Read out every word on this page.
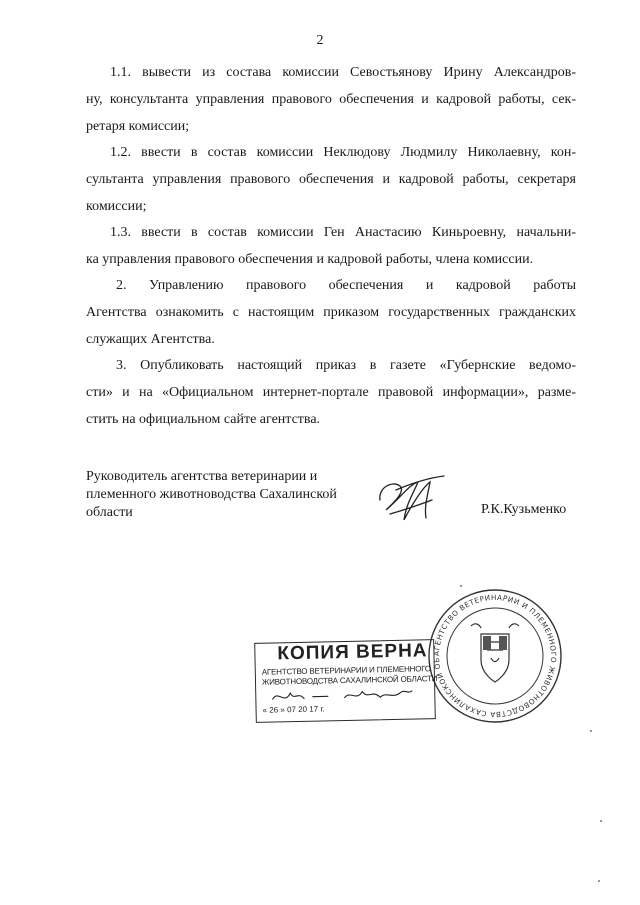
2
1.1. вывести из состава комиссии Севостьянову Ирину Александров-
ну, консультанта управления правового обеспечения и кадровой работы, сек-
ретаря комиссии;
1.2. ввести в состав комиссии Неклюдову Людмилу Николаевну, кон-
сультанта управления правового обеспечения и кадровой работы, секретаря
комиссии;
1.3. ввести в состав комиссии Ген Анастасию Киньроевну, начальни-
ка управления правового обеспечения и кадровой работы, члена комиссии.
2. Управлению правового обеспечения и кадровой работы
Агентства ознакомить с настоящим приказом государственных гражданских
служащих Агентства.
3. Опубликовать настоящий приказ в газете «Губернские ведомо-
сти» и на «Официальном интернет-портале правовой информации», разме-
стить на официальном сайте агентства.
Руководитель агентства ветеринарии и
племенного животноводства Сахалинской
области	Р.К.Кузьменко
АГЕНТСТВО ВЕТЕРИНАРИИ И ПЛЕМЕННОГО ЖИВОТНОВОДСТВА САХАЛИНСКОЙ ОБ
КОПИЯ ВЕРНА
АГЕНТСТВО ВЕТЕРИНАРИИ И ПЛЕМЕННОГО
ЖИВОТНОВОДСТВА САХАЛИНСКОЙ ОБЛАСТИ
« 26 » 07 20 17 г.
